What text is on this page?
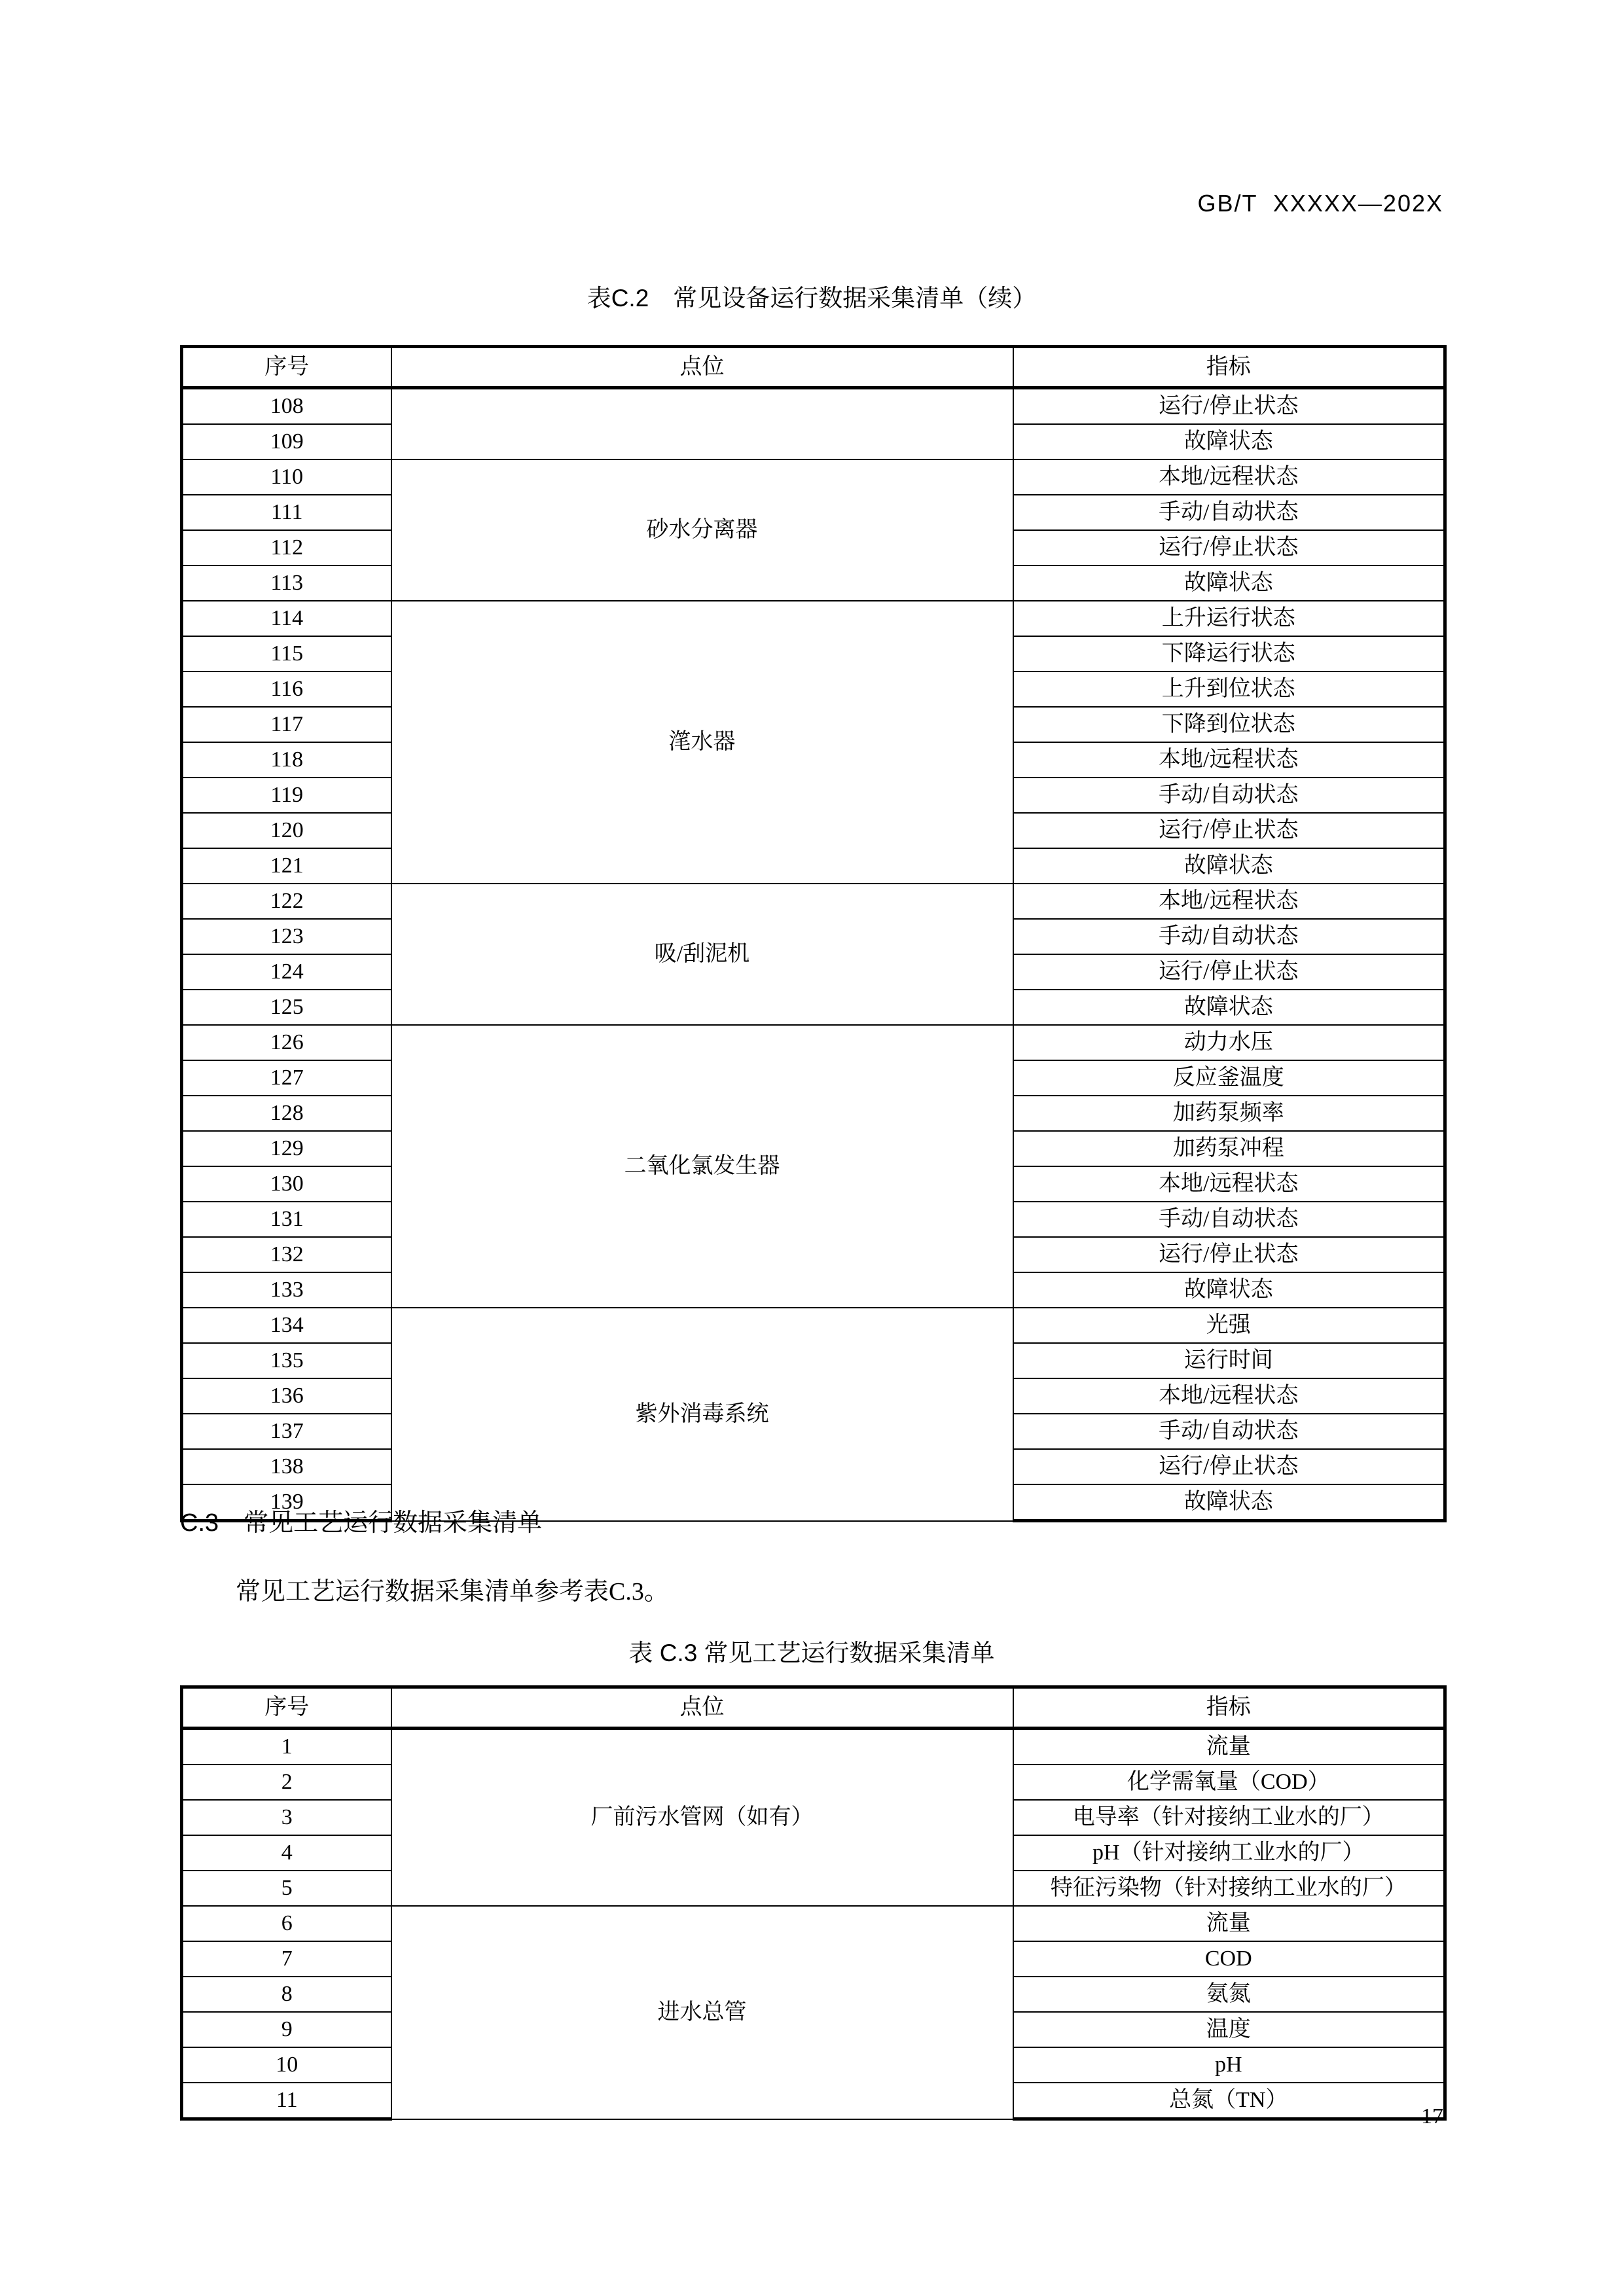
GB/T  XXXXX—202X
表C.2　常见设备运行数据采集清单（续）
序号	点位	指标
108		运行/停止状态
109		故障状态
110	砂水分离器	本地/远程状态
111		手动/自动状态
112		运行/停止状态
113		故障状态
114	滗水器	上升运行状态
115		下降运行状态
116		上升到位状态
117		下降到位状态
118		本地/远程状态
119		手动/自动状态
120		运行/停止状态
121		故障状态
122	吸/刮泥机	本地/远程状态
123		手动/自动状态
124		运行/停止状态
125		故障状态
126	二氧化氯发生器	动力水压
127		反应釜温度
128		加药泵频率
129		加药泵冲程
130		本地/远程状态
131		手动/自动状态
132		运行/停止状态
133		故障状态
134	紫外消毒系统	光强
135		运行时间
136		本地/远程状态
137		手动/自动状态
138		运行/停止状态
139		故障状态
C.3　常见工艺运行数据采集清单
常见工艺运行数据采集清单参考表C.3。
表 C.3 常见工艺运行数据采集清单
序号	点位	指标
1	厂前污水管网（如有）	流量
2		化学需氧量（COD）
3		电导率（针对接纳工业水的厂）
4		pH（针对接纳工业水的厂）
5		特征污染物（针对接纳工业水的厂）
6	进水总管	流量
7		COD
8		氨氮
9		温度
10		pH
11		总氮（TN）
17
